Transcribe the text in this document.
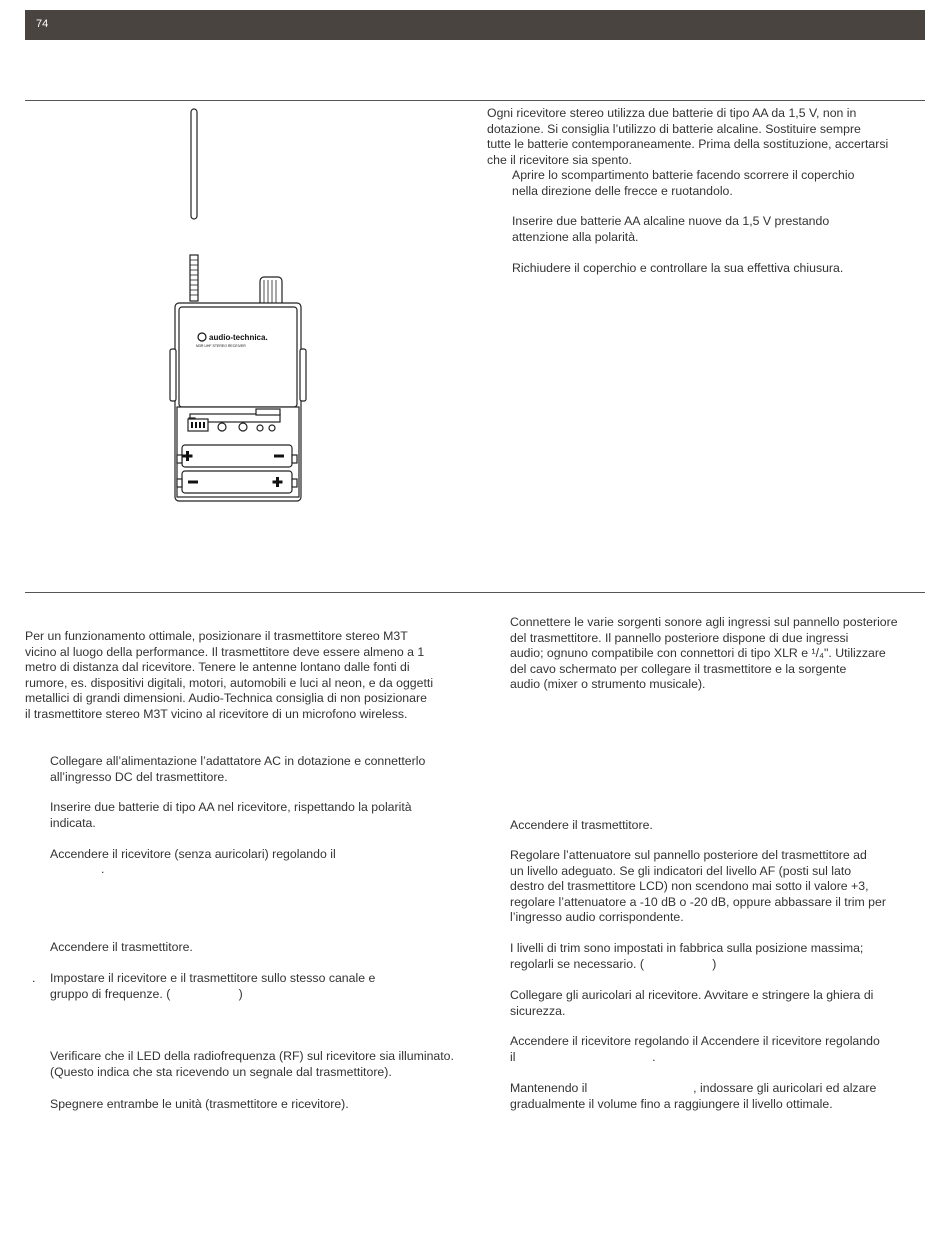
74
audio-technica.
M3R UHF STEREO RECEIVER
Ogni ricevitore stereo utilizza due batterie di tipo AA da 1,5 V, non in
dotazione. Si consiglia l’utilizzo di batterie alcaline. Sostituire sempre
tutte le batterie contemporaneamente. Prima della sostituzione, accertarsi
che il ricevitore sia spento.
Aprire lo scompartimento batterie facendo scorrere il coperchio
nella direzione delle frecce e ruotandolo.
Inserire due batterie AA alcaline nuove da 1,5 V prestando
attenzione alla polarità.
Richiudere il coperchio e controllare la sua effettiva chiusura.
Per un funzionamento ottimale, posizionare il trasmettitore stereo M3T
vicino al luogo della performance. Il trasmettitore deve essere almeno a 1
metro di distanza dal ricevitore. Tenere le antenne lontano dalle fonti di
rumore, es. dispositivi digitali, motori, automobili e luci al neon, e da oggetti
metallici di grandi dimensioni. Audio-Technica consiglia di non posizionare
il trasmettitore stereo M3T vicino al ricevitore di un microfono wireless.
Collegare all’alimentazione l’adattatore AC in dotazione e connetterlo
all’ingresso DC del trasmettitore.
Inserire due batterie di tipo AA nel ricevitore, rispettando la polarità
indicata.
Accendere il ricevitore (senza auricolari) regolando il
.
Accendere il trasmettitore.
. Impostare il ricevitore e il trasmettitore sullo stesso canale e
gruppo di frequenze. (                    )
Verificare che il LED della radiofrequenza (RF) sul ricevitore sia illuminato.
(Questo indica che sta ricevendo un segnale dal trasmettitore).
Spegnere entrambe le unità (trasmettitore e ricevitore).
Connettere le varie sorgenti sonore agli ingressi sul pannello posteriore
del trasmettitore. Il pannello posteriore dispone di due ingressi
audio; ognuno compatibile con connettori di tipo XLR e ¹/₄". Utilizzare
del cavo schermato per collegare il trasmettitore e la sorgente
audio (mixer o strumento musicale).
Accendere il trasmettitore.
Regolare l’attenuatore sul pannello posteriore del trasmettitore ad
un livello adeguato. Se gli indicatori del livello AF (posti sul lato
destro del trasmettitore LCD) non scendono mai sotto il valore +3,
regolare l’attenuatore a -10 dB o -20 dB, oppure abbassare il trim per
l’ingresso audio corrispondente.
I livelli di trim sono impostati in fabbrica sulla posizione massima;
regolarli se necessario. (                    )
Collegare gli auricolari al ricevitore. Avvitare e stringere la ghiera di
sicurezza.
Accendere il ricevitore regolando il Accendere il ricevitore regolando
il                                        .
Mantenendo il                               , indossare gli auricolari ed alzare
gradualmente il volume fino a raggiungere il livello ottimale.
